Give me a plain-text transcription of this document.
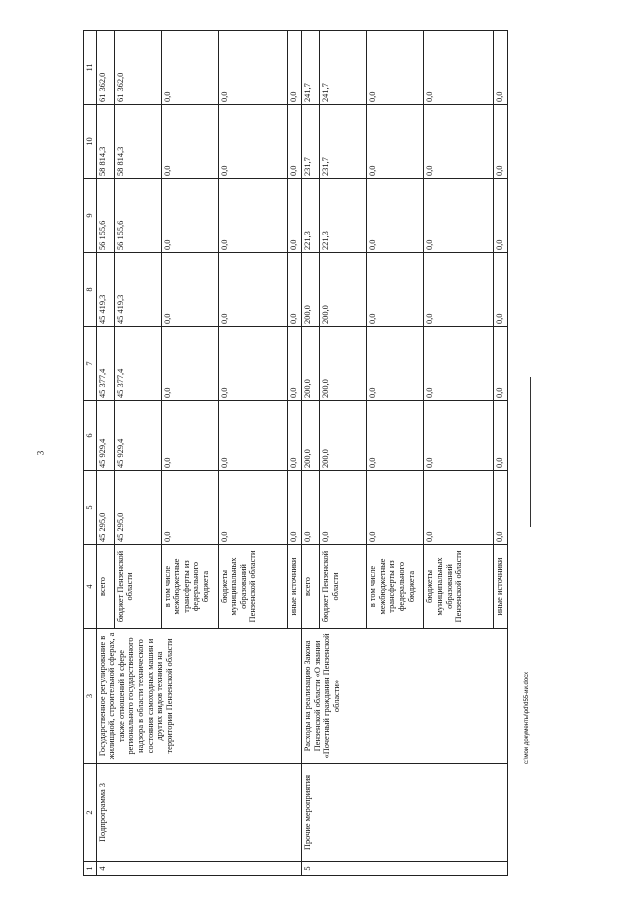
3
c:\мои документы\pd\d55-ии.docx
1	2	3	4	5	6	7	8	9	10	11
4	Подпрограмма 3	Государственное регулирование в жилищной, строительной сферах, а также отношений в сфере регионального государственного надзора в области технического состояния самоходных машин и других видов техники на территории Пензенской области	всего	45 295,0	45 929,4	45 377,4	45 419,3	56 155,6	58 814,3	61 362,0
			бюджет Пензенской области	45 295,0	45 929,4	45 377,4	45 419,3	56 155,6	58 814,3	61 362,0
			в том числе межбюджетные трансферты из федерального бюджета	0,0	0,0	0,0	0,0	0,0	0,0	0,0
			бюджеты муниципальных образований Пензенской области	0,0	0,0	0,0	0,0	0,0	0,0	0,0
			иные источники	0,0	0,0	0,0	0,0	0,0	0,0	0,0
5	Прочие мероприятия	Расходы на реализацию Закона Пензенской области «О звании «Почетный гражданин Пензенской области»	всего	0,0	200,0	200,0	200,0	221,3	231,7	241,7
			бюджет Пензенской области	0,0	200,0	200,0	200,0	221,3	231,7	241,7
			в том числе межбюджетные трансферты из федерального бюджета	0,0	0,0	0,0	0,0	0,0	0,0	0,0
			бюджеты муниципальных образований Пензенской области	0,0	0,0	0,0	0,0	0,0	0,0	0,0
			иные источники	0,0	0,0	0,0	0,0	0,0	0,0	0,0
